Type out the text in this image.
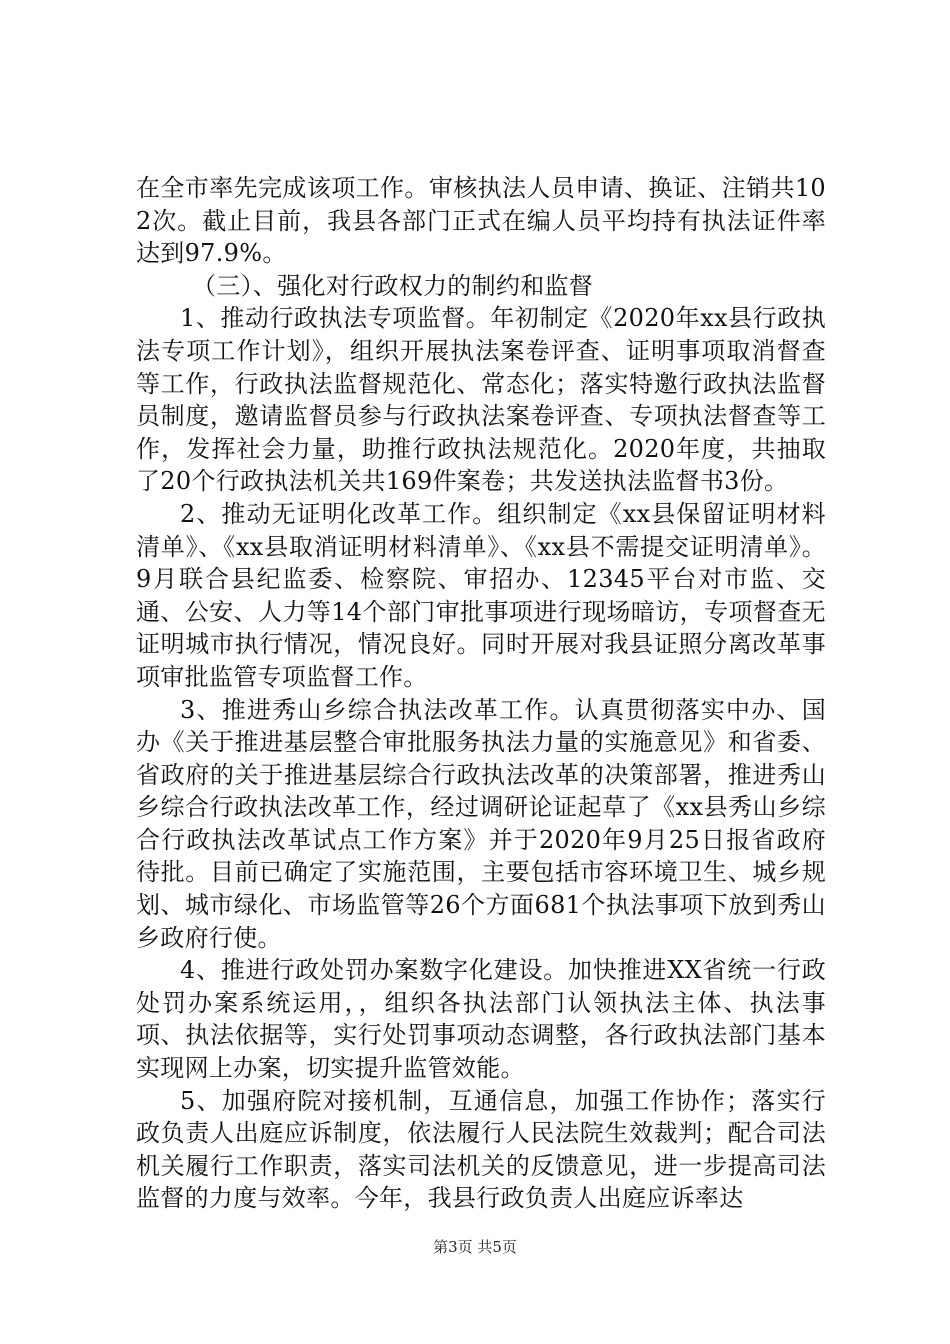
在全市率先完成该项工作。审核执法人员申请、换证、注销共102次。截止目前，我县各部门正式在编人员平均持有执法证件率达到97.9%。

（三）、强化对行政权力的制约和监督

1、推动行政执法专项监督。年初制定《2020年xx县行政执法专项工作计划》，组织开展执法案卷评查、证明事项取消督查等工作，行政执法监督规范化、常态化；落实特邀行政执法监督员制度，邀请监督员参与行政执法案卷评查、专项执法督查等工作，发挥社会力量，助推行政执法规范化。2020年度，共抽取了20个行政执法机关共169件案卷；共发送执法监督书3份。

2、推动无证明化改革工作。组织制定《xx县保留证明材料清单》、《xx县取消证明材料清单》、《xx县不需提交证明清单》。9月联合县纪监委、检察院、审招办、12345平台对市监、交通、公安、人力等14个部门审批事项进行现场暗访，专项督查无证明城市执行情况，情况良好。同时开展对我县证照分离改革事项审批监管专项监督工作。

3、推进秀山乡综合执法改革工作。认真贯彻落实中办、国办《关于推进基层整合审批服务执法力量的实施意见》和省委、省政府的关于推进基层综合行政执法改革的决策部署，推进秀山乡综合行政执法改革工作，经过调研论证起草了《xx县秀山乡综合行政执法改革试点工作方案》并于2020年9月25日报省政府待批。目前已确定了实施范围，主要包括市容环境卫生、城乡规划、城市绿化、市场监管等26个方面681个执法事项下放到秀山乡政府行使。

4、推进行政处罚办案数字化建设。加快推进XX省统一行政处罚办案系统运用，，组织各执法部门认领执法主体、执法事项、执法依据等，实行处罚事项动态调整，各行政执法部门基本实现网上办案，切实提升监管效能。

5、加强府院对接机制，互通信息，加强工作协作；落实行政负责人出庭应诉制度，依法履行人民法院生效裁判；配合司法机关履行工作职责，落实司法机关的反馈意见，进一步提高司法监督的力度与效率。今年，我县行政负责人出庭应诉率达

第3页 共5页
